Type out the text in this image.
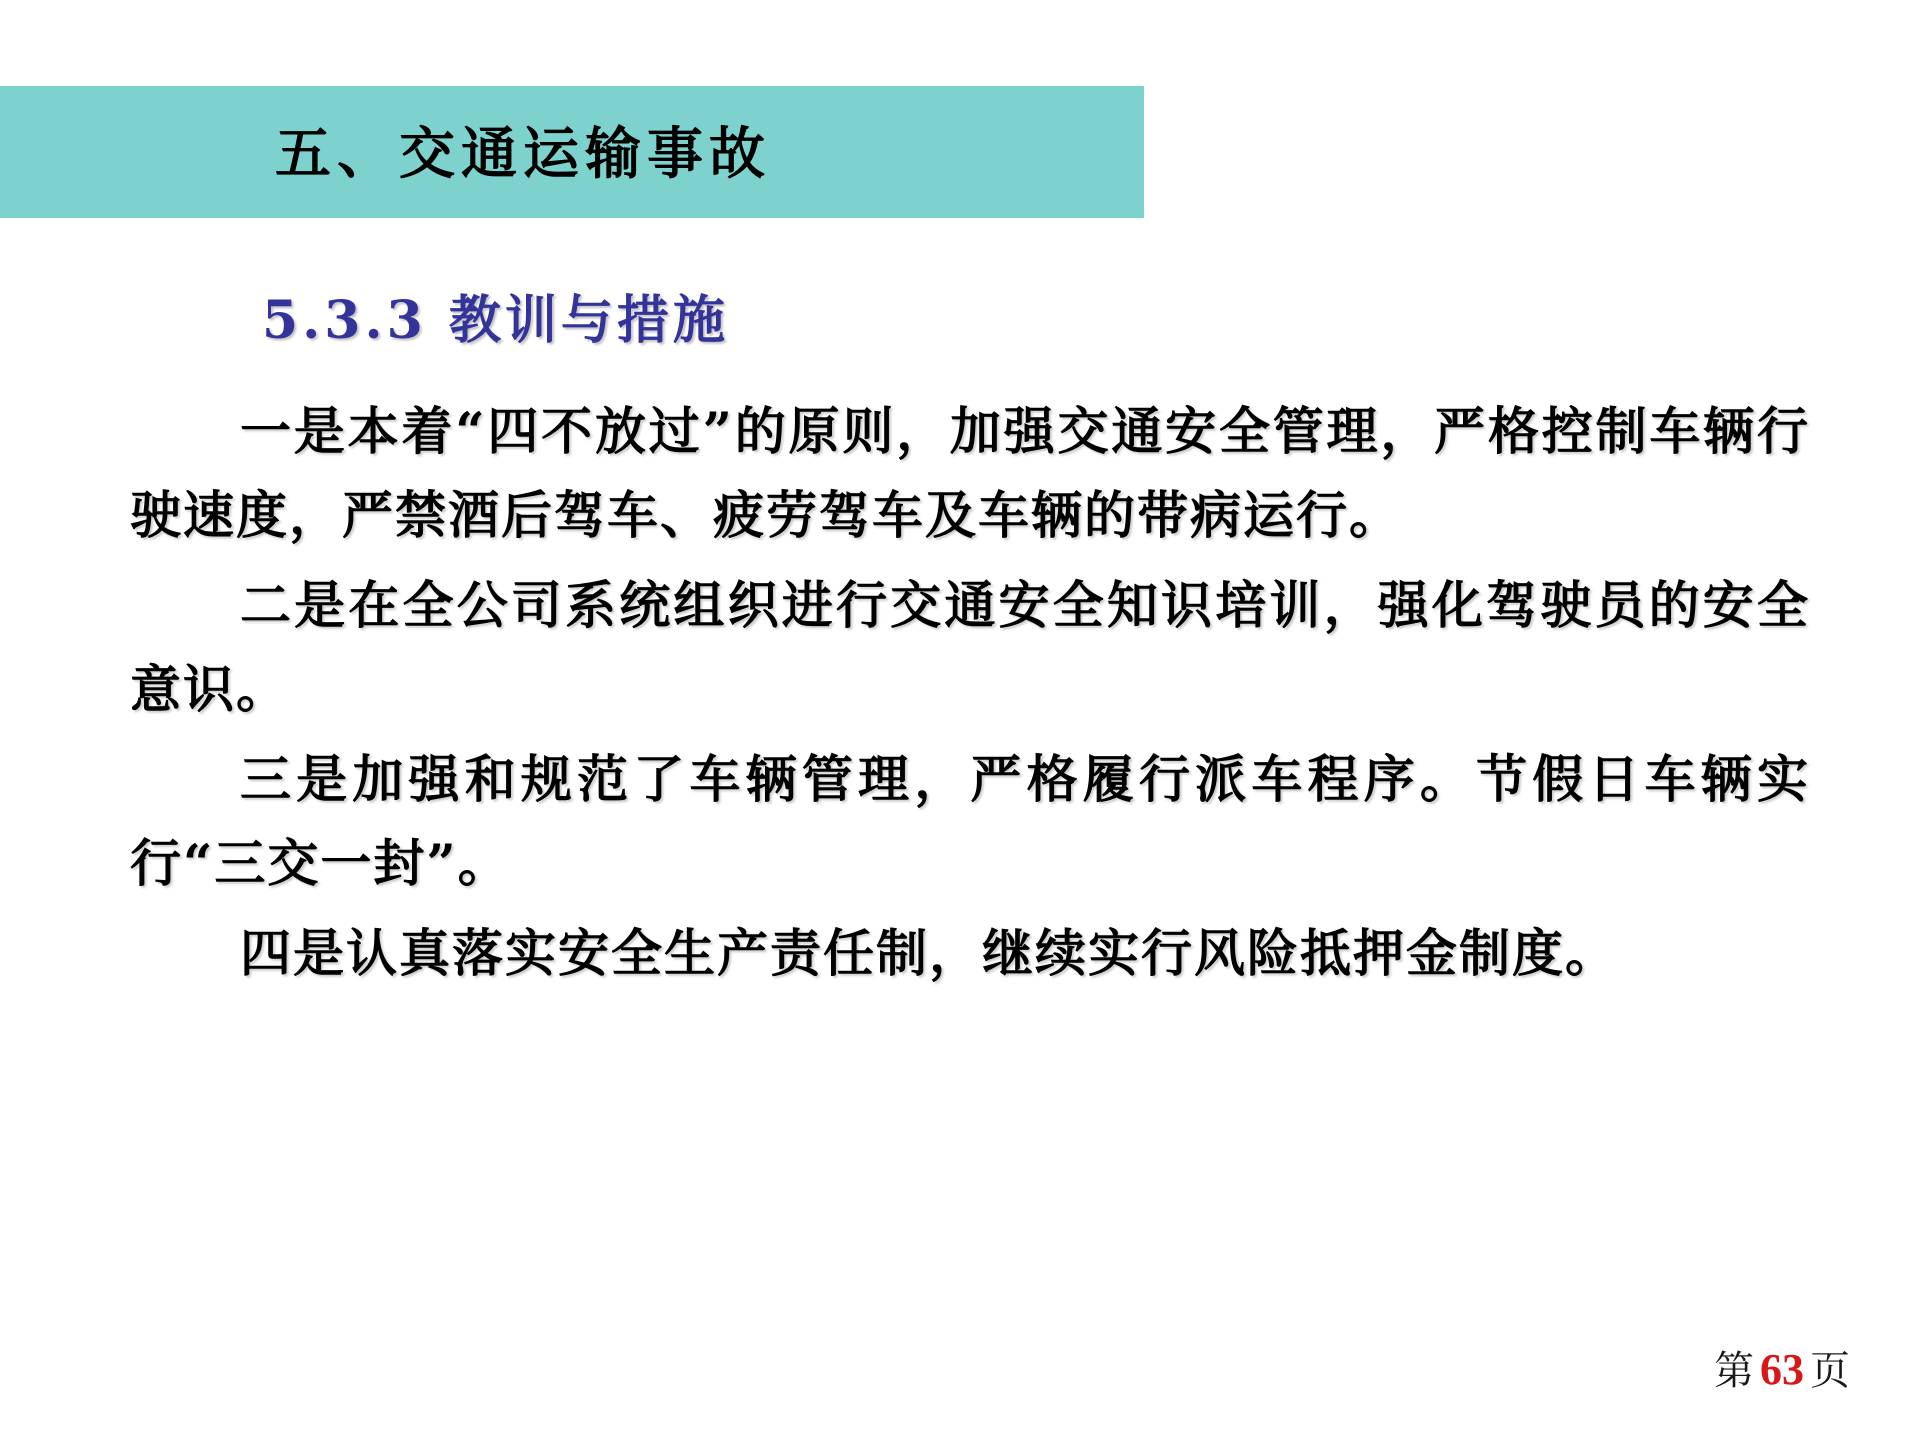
五、交通运输事故
5.3.3 教训与措施

一是本着“四不放过”的原则，加强交通安全管理，严格控制车辆行驶速度，严禁酒后驾车、疲劳驾车及车辆的带病运行。

二是在全公司系统组织进行交通安全知识培训，强化驾驶员的安全意识。

三是加强和规范了车辆管理，严格履行派车程序。节假日车辆实行“三交一封”。

四是认真落实安全生产责任制，继续实行风险抵押金制度。

第 63 页
